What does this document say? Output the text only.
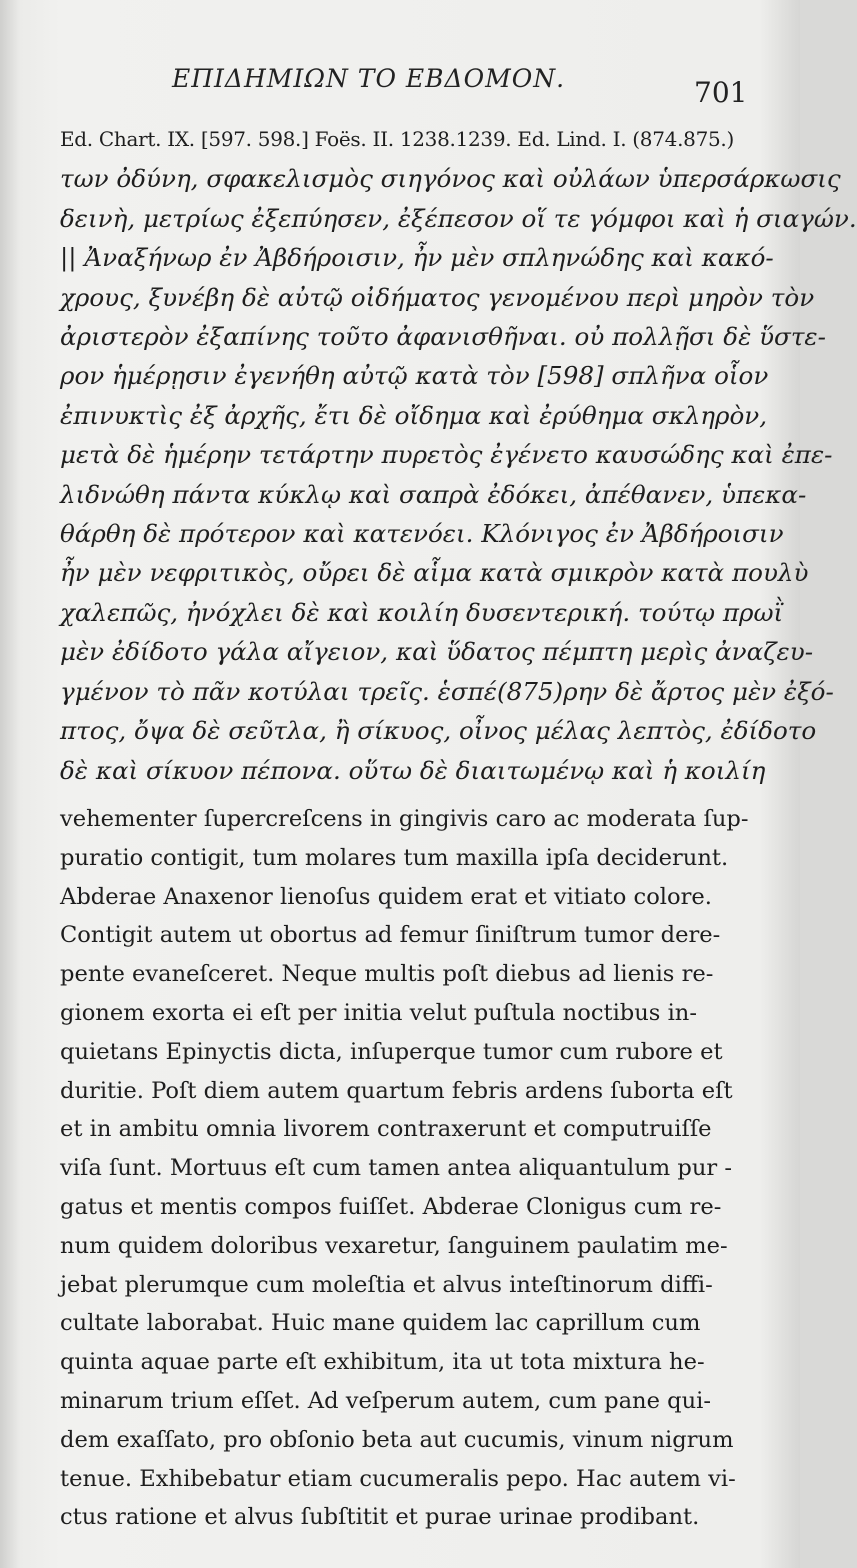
ΕΠΙΔΗΜΙΩΝ ΤΟ ΕΒΔΟΜΟΝ.	701
Ed. Chart. IX. [597. 598.] Foës. II. 1238.1239. Ed. Lind. I. (874.875.)
των ὀδύνη, σφακελισμὸς σιηγόνος καὶ οὐλάων ὑπερσάρκωσις
δεινὴ, μετρίως ἐξεπύησεν, ἐξέπεσον οἵ τε γόμφοι καὶ ἡ σιαγών.
|| Ἀναξήνωρ ἐν Ἀβδήροισιν, ἦν μὲν σπληνώδης καὶ κακό-
χρους, ξυνέβη δὲ αὐτῷ οἰδήματος γενομένου περὶ μηρὸν τὸν
ἀριστερὸν ἐξαπίνης τοῦτο ἀφανισθῆναι. οὐ πολλῇσι δὲ ὕστε-
ρον ἡμέρῃσιν ἐγενήθη αὐτῷ κατὰ τὸν [598] σπλῆνα οἷον
ἐπινυκτὶς ἐξ ἀρχῆς, ἔτι δὲ οἴδημα καὶ ἐρύθημα σκληρὸν,
μετὰ δὲ ἡμέρην τετάρτην πυρετὸς ἐγένετο καυσώδης καὶ ἐπε-
λιδνώθη πάντα κύκλῳ καὶ σαπρὰ ἐδόκει, ἀπέθανεν, ὑπεκα-
θάρθη δὲ πρότερον καὶ κατενόει. Κλόνιγος ἐν Ἀβδήροισιν
ἦν μὲν νεφριτικὸς, οὔρει δὲ αἷμα κατὰ σμικρὸν κατὰ πουλὺ
χαλεπῶς, ἠνόχλει δὲ καὶ κοιλίη δυσεντερική. τούτῳ πρωῒ
μὲν ἐδίδοτο γάλα αἴγειον, καὶ ὕδατος πέμπτη μερὶς ἀναζευ-
γμένον τὸ πᾶν κοτύλαι τρεῖς. ἑσπέ(875)ρην δὲ ἄρτος μὲν ἐξό-
πτος, ὄψα δὲ σεῦτλα, ἢ σίκυος, οἶνος μέλας λεπτὸς, ἐδίδοτο
δὲ καὶ σίκυον πέπονα. οὕτω δὲ διαιτωμένῳ καὶ ἡ κοιλίη
vehementer ſupercreſcens in gingivis caro ac moderata ſup-
puratio contigit, tum molares tum maxilla ipſa deciderunt.
Abderae Anaxenor lienoſus quidem erat et vitiato colore.
Contigit autem ut obortus ad femur ſiniſtrum tumor dere-
pente evaneſceret. Neque multis poſt diebus ad lienis re-
gionem exorta ei eſt per initia velut puſtula noctibus in-
quietans Epinyctis dicta, inſuperque tumor cum rubore et
duritie. Poſt diem autem quartum febris ardens ſuborta eſt
et in ambitu omnia livorem contraxerunt et computruiſſe
viſa ſunt. Mortuus eſt cum tamen antea aliquantulum pur -
gatus et mentis compos fuiſſet. Abderae Clonigus cum re-
num quidem doloribus vexaretur, ſanguinem paulatim me-
jebat plerumque cum moleſtia et alvus inteſtinorum diffi-
cultate laborabat. Huic mane quidem lac caprillum cum
quinta aquae parte eſt exhibitum, ita ut tota mixtura he-
minarum trium eſſet. Ad veſperum autem, cum pane qui-
dem exaſſato, pro obſonio beta aut cucumis, vinum nigrum
tenue. Exhibebatur etiam cucumeralis pepo. Hac autem vi-
ctus ratione et alvus ſubſtitit et purae urinae prodibant.
